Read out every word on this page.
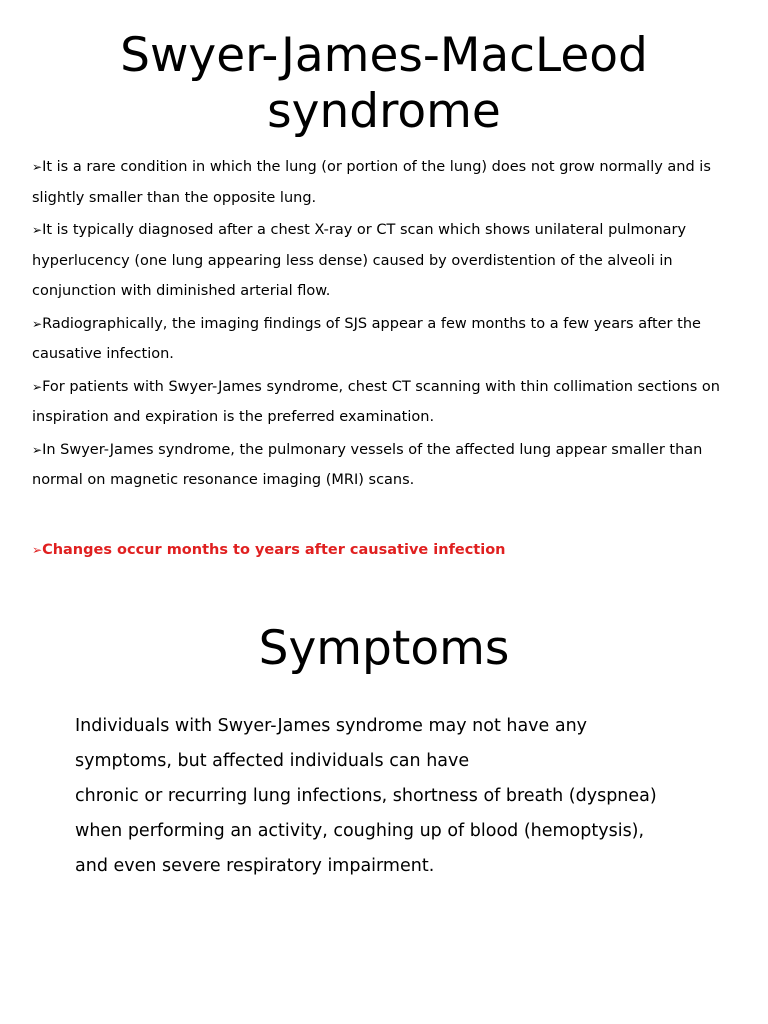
Swyer-James-MacLeod
syndrome
➢It is a rare condition in which the lung (or portion of the lung) does not grow normally and is slightly smaller than the opposite lung.
➢It is typically diagnosed after a chest X-ray or CT scan which shows unilateral pulmonary hyperlucency (one lung appearing less dense) caused by overdistention of the alveoli in conjunction with diminished arterial flow.
➢Radiographically, the imaging findings of SJS appear a few months to a few years after the causative infection.
➢For patients with Swyer-James syndrome, chest CT scanning with thin collimation sections on inspiration and expiration is the preferred examination.
➢In Swyer-James syndrome, the pulmonary vessels of the affected lung appear smaller than normal on magnetic resonance imaging (MRI) scans.

➢Changes occur months to years after causative infection

Symptoms

Individuals with Swyer-James syndrome may not have any
symptoms, but affected individuals can have
chronic or recurring lung infections, shortness of breath (dyspnea)
when performing an activity, coughing up of blood (hemoptysis),
and even severe respiratory impairment.
